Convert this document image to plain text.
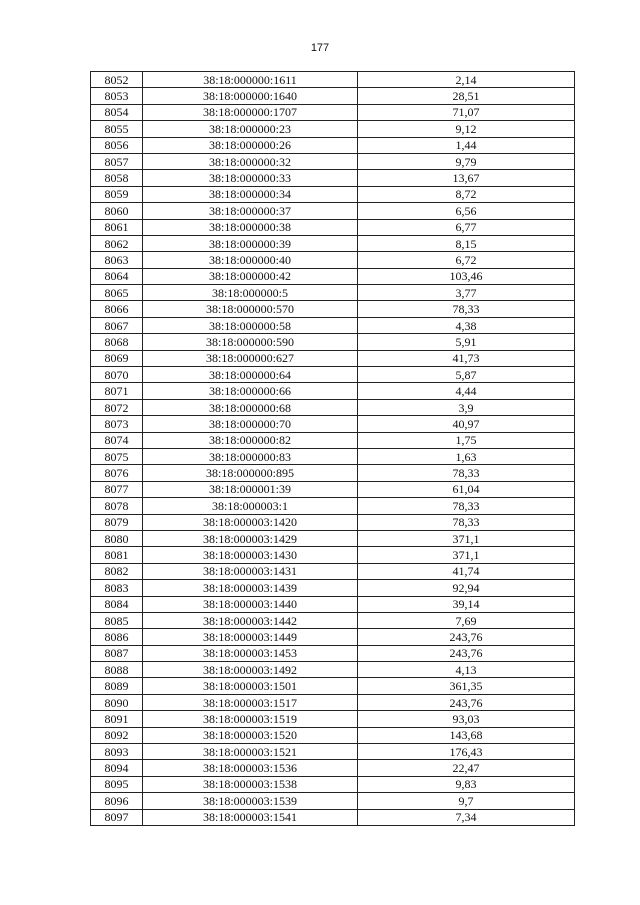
177
8052	38:18:000000:1611	2,14
8053	38:18:000000:1640	28,51
8054	38:18:000000:1707	71,07
8055	38:18:000000:23	9,12
8056	38:18:000000:26	1,44
8057	38:18:000000:32	9,79
8058	38:18:000000:33	13,67
8059	38:18:000000:34	8,72
8060	38:18:000000:37	6,56
8061	38:18:000000:38	6,77
8062	38:18:000000:39	8,15
8063	38:18:000000:40	6,72
8064	38:18:000000:42	103,46
8065	38:18:000000:5	3,77
8066	38:18:000000:570	78,33
8067	38:18:000000:58	4,38
8068	38:18:000000:590	5,91
8069	38:18:000000:627	41,73
8070	38:18:000000:64	5,87
8071	38:18:000000:66	4,44
8072	38:18:000000:68	3,9
8073	38:18:000000:70	40,97
8074	38:18:000000:82	1,75
8075	38:18:000000:83	1,63
8076	38:18:000000:895	78,33
8077	38:18:000001:39	61,04
8078	38:18:000003:1	78,33
8079	38:18:000003:1420	78,33
8080	38:18:000003:1429	371,1
8081	38:18:000003:1430	371,1
8082	38:18:000003:1431	41,74
8083	38:18:000003:1439	92,94
8084	38:18:000003:1440	39,14
8085	38:18:000003:1442	7,69
8086	38:18:000003:1449	243,76
8087	38:18:000003:1453	243,76
8088	38:18:000003:1492	4,13
8089	38:18:000003:1501	361,35
8090	38:18:000003:1517	243,76
8091	38:18:000003:1519	93,03
8092	38:18:000003:1520	143,68
8093	38:18:000003:1521	176,43
8094	38:18:000003:1536	22,47
8095	38:18:000003:1538	9,83
8096	38:18:000003:1539	9,7
8097	38:18:000003:1541	7,34
